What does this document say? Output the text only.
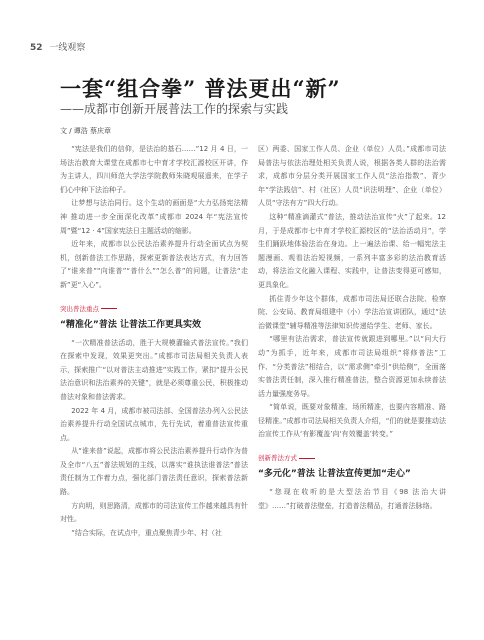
52 一线观察
一套“组合拳” 普法更出“新”
——成都市创新开展普法工作的探索与实践
文 / 谭浩 蔡庆章

“宪法是我们的信仰，是法治的基石……”12 月 4 日，一场法治教育大课堂在成都市七中育才学校汇源校区开讲，作为主讲人，四川师范大学法学院教师朱晓观展遥来，在学子们心中种下法治种子。

让梦想与法治同行。这个生动的画面是“大力弘扬宪法精神 推动进一步全面深化改革”成都市 2024 年“宪法宣传周”暨“12 · 4”国家宪法日主题活动的缩影。

近年来，成都市以公民法治素养提升行动全面试点为契机，创新普法工作思路，探索更新普法表达方式，有力回答了“谁来普”“向谁普”“普什么”“怎么普”的问题，让普法“走新”更“入心”。

突出普法重点

“精准化”普法 让普法工作更具实效

“一次精准普法活动，胜于大规模灌输式普法宣传。”我们在探索中发现，效果更突出。”成都市司法局相关负责人表示，探索推广“以对普法主动推进”实践工作，紧扣“提升公民法治意识和法治素养的关键”，就是必须尊重公民，积极推动普法对象和普法需求。

2022 年 4 月，成都市被司法部、全国普法办列入公民法治素养提升行动全国试点城市，先行先试，着重普法宣传重点。

从“谁来普”说起，成都市将公民法治素养提升行动作为普及全市“八五”普法规划的主线，以落实“谁执法谁普法”普法责任制为工作着力点，强化部门普法责任意识，探索普法新路。

方向明，则思路清，成都市的司法宣传工作越来越具有针对性。

“结合实际，在试点中，重点聚焦青少年、村（社

区）两委、国家工作人员、企业（单位）人员。”成都市司法局普法与依法治理处相关负责人说，根据各类人群的法治需求，成都市分层分类开展国家工作人员“法治指数”、青少年“学法践信”、村（社区）人员“识法明理”、企业（单位）人员“守法有方”四大行动。

这种“精准滴灌式”普法，推动法治宣传“火”了起来。12 月，于是成都市七中育才学校汇源校区的“法治活动月”，学生们踊跃地体验法治在身边。上一遍法治课、给一幅宪法主题漫画、观看法治短视频，一系列丰富多彩的法治教育活动，将法治文化融入课程、实践中，让普法变得更可感知，更具象化。

抓住青少年这个群体，成都市司法局还联合法院、检察院、公安局、教育局组建中（小）学法治宣讲团队，通过“法治微课堂”辅导精准等法律知识传递给学生、老师、家长。

“哪里有法治需求，普法宣传就跟进到哪里。”以“问大行动”为抓手，近年来，成都市司法局组织“将修普法”工作、“分类普法”相结合，以“需求侧”牵引“供给侧”，全面落实普法责任制，深入推行精准普法，整合资源更加永续普法活力量强度务导。

“简单说，既要对象精准、场所精准，也要内容精准、路径精准。”成都市司法局相关负责人介绍，“们的就是要推动法治宣传工作从‘有影覆盖’向‘有效覆盖’转变。”

创新普法方式

“多元化”普法 让普法宣传更加“走心”

“您现在收听的是大型法治节目《98 法治大讲堂》……”打破普法壁垒，打造普法精品，打通普法脉络。
